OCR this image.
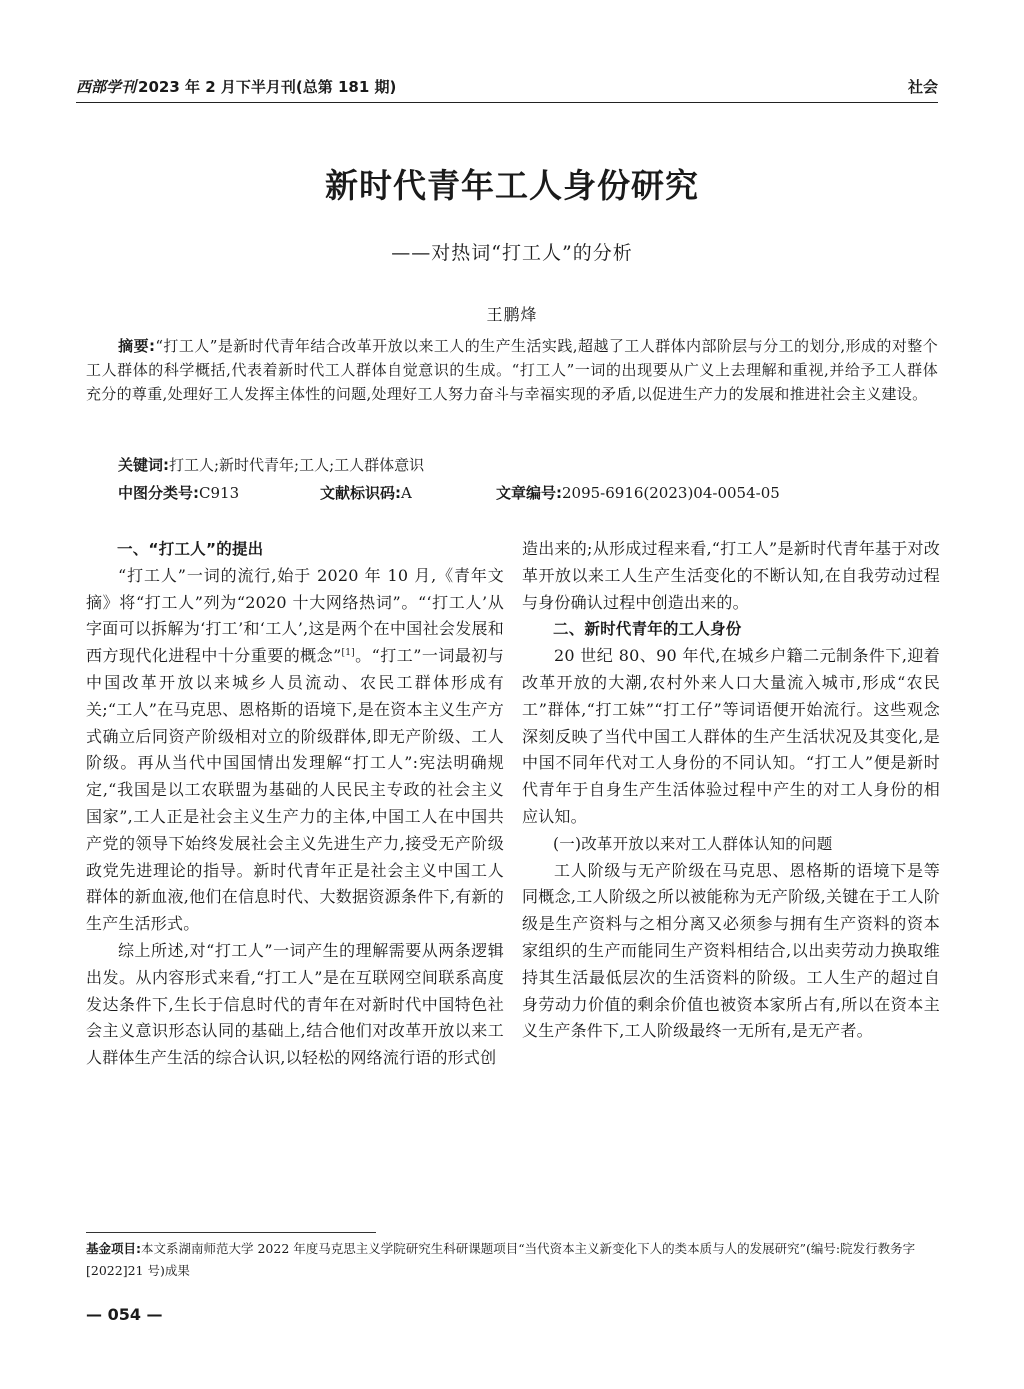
西部学刊 2023 年 2 月下半月刊(总第 181 期)	社会
新时代青年工人身份研究
——对热词“打工人”的分析
王鹏烽
摘要:“打工人”是新时代青年结合改革开放以来工人的生产生活实践,超越了工人群体内部阶层与分工的划分,形成的对整个工人群体的科学概括,代表着新时代工人群体自觉意识的生成。“打工人”一词的出现要从广义上去理解和重视,并给予工人群体充分的尊重,处理好工人发挥主体性的问题,处理好工人努力奋斗与幸福实现的矛盾,以促进生产力的发展和推进社会主义建设。
关键词:打工人;新时代青年;工人;工人群体意识
中图分类号:C913	文献标识码:A	文章编号:2095-6916(2023)04-0054-05
一、“打工人”的提出

“打工人”一词的流行,始于 2020 年 10 月,《青年文摘》将“打工人”列为“2020 十大网络热词”。“‘打工人’从字面可以拆解为‘打工’和‘工人’,这是两个在中国社会发展和西方现代化进程中十分重要的概念”[1]。“打工”一词最初与中国改革开放以来城乡人员流动、农民工群体形成有关;“工人”在马克思、恩格斯的语境下,是在资本主义生产方式确立后同资产阶级相对立的阶级群体,即无产阶级、工人阶级。再从当代中国国情出发理解“打工人”:宪法明确规定,“我国是以工农联盟为基础的人民民主专政的社会主义国家”,工人正是社会主义生产力的主体,中国工人在中国共产党的领导下始终发展社会主义先进生产力,接受无产阶级政党先进理论的指导。新时代青年正是社会主义中国工人群体的新血液,他们在信息时代、大数据资源条件下,有新的生产生活形式。

综上所述,对“打工人”一词产生的理解需要从两条逻辑出发。从内容形式来看,“打工人”是在互联网空间联系高度发达条件下,生长于信息时代的青年在对新时代中国特色社会主义意识形态认同的基础上,结合他们对改革开放以来工人群体生产生活的综合认识,以轻松的网络流行语的形式创

造出来的;从形成过程来看,“打工人”是新时代青年基于对改革开放以来工人生产生活变化的不断认知,在自我劳动过程与身份确认过程中创造出来的。

二、新时代青年的工人身份

20 世纪 80、90 年代,在城乡户籍二元制条件下,迎着改革开放的大潮,农村外来人口大量流入城市,形成“农民工”群体,“打工妹”“打工仔”等词语便开始流行。这些观念深刻反映了当代中国工人群体的生产生活状况及其变化,是中国不同年代对工人身份的不同认知。“打工人”便是新时代青年于自身生产生活体验过程中产生的对工人身份的相应认知。

(一)改革开放以来对工人群体认知的问题

工人阶级与无产阶级在马克思、恩格斯的语境下是等同概念,工人阶级之所以被能称为无产阶级,关键在于工人阶级是生产资料与之相分离又必须参与拥有生产资料的资本家组织的生产而能同生产资料相结合,以出卖劳动力换取维持其生活最低层次的生活资料的阶级。工人生产的超过自身劳动力价值的剩余价值也被资本家所占有,所以在资本主义生产条件下,工人阶级最终一无所有,是无产者。

基金项目:本文系湖南师范大学 2022 年度马克思主义学院研究生科研课题项目“当代资本主义新变化下人的类本质与人的发展研究”(编号:院发行教务字[2022]21 号)成果
— 054 —
